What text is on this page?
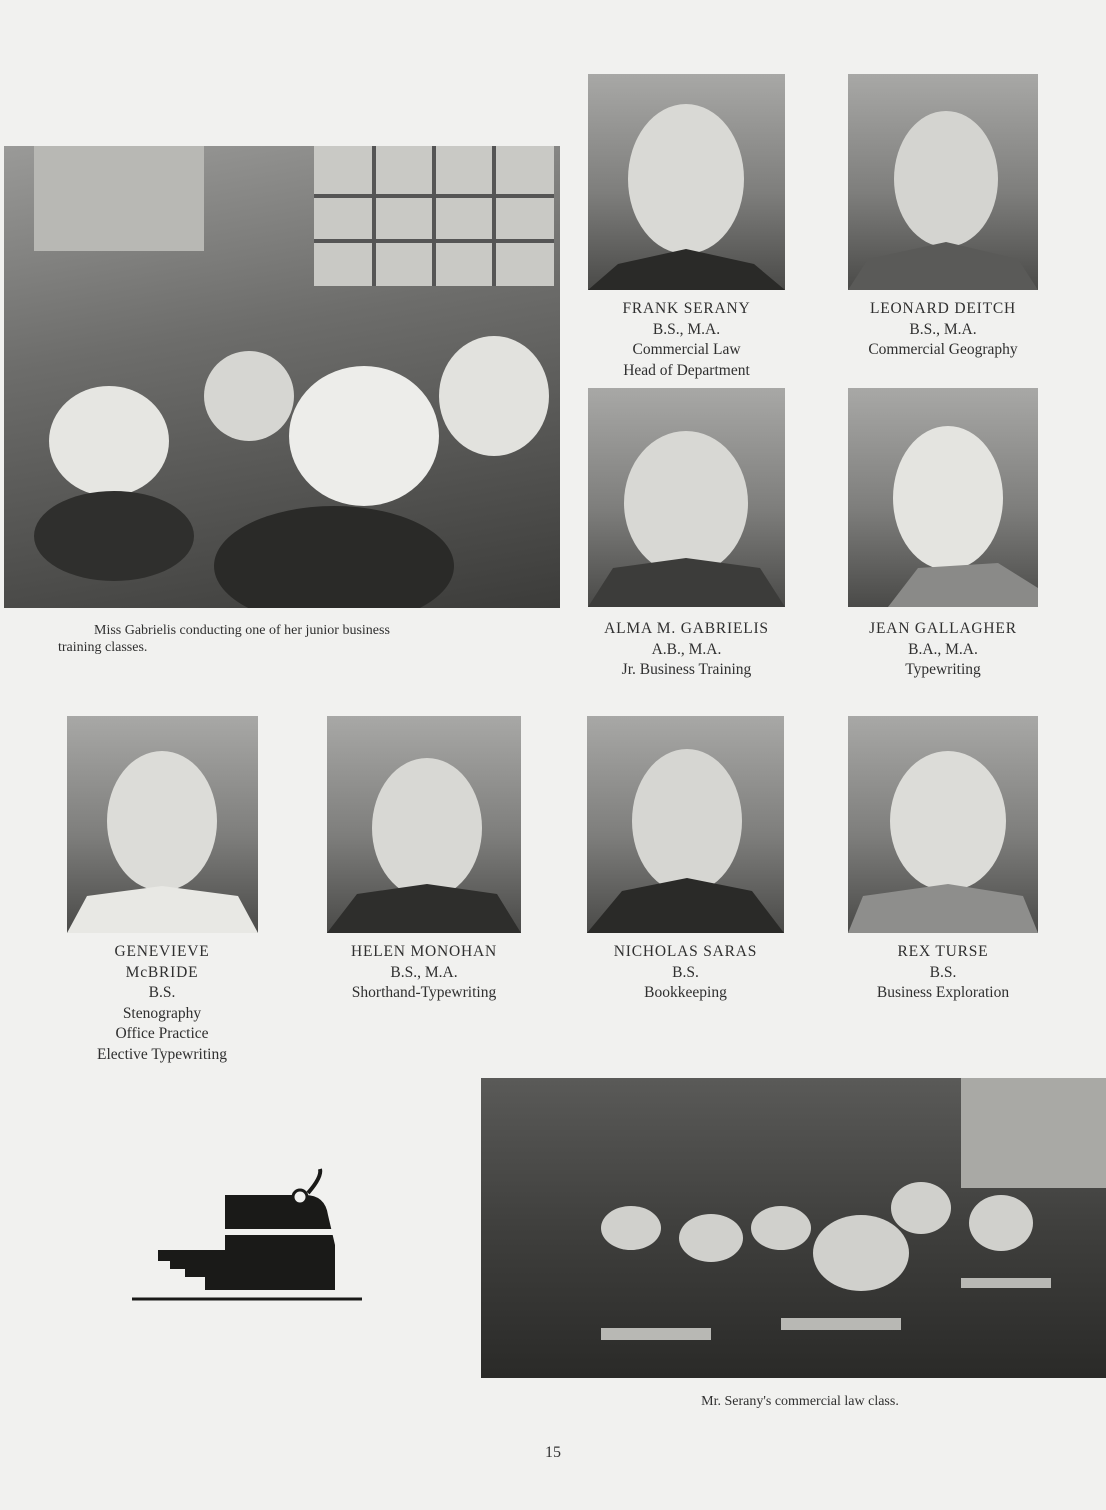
Miss Gabrielis conducting one of her junior business
training classes.
FRANK SERANY
B.S., M.A.
Commercial Law
Head of Department
LEONARD DEITCH
B.S., M.A.
Commercial Geography
ALMA M. GABRIELIS
A.B., M.A.
Jr. Business Training
JEAN GALLAGHER
B.A., M.A.
Typewriting
GENEVIEVE
McBRIDE
B.S.
Stenography
Office Practice
Elective Typewriting
HELEN MONOHAN
B.S., M.A.
Shorthand-Typewriting
NICHOLAS SARAS
B.S.
Bookkeeping
REX TURSE
B.S.
Business Exploration
Mr. Serany's commercial law class.
15
